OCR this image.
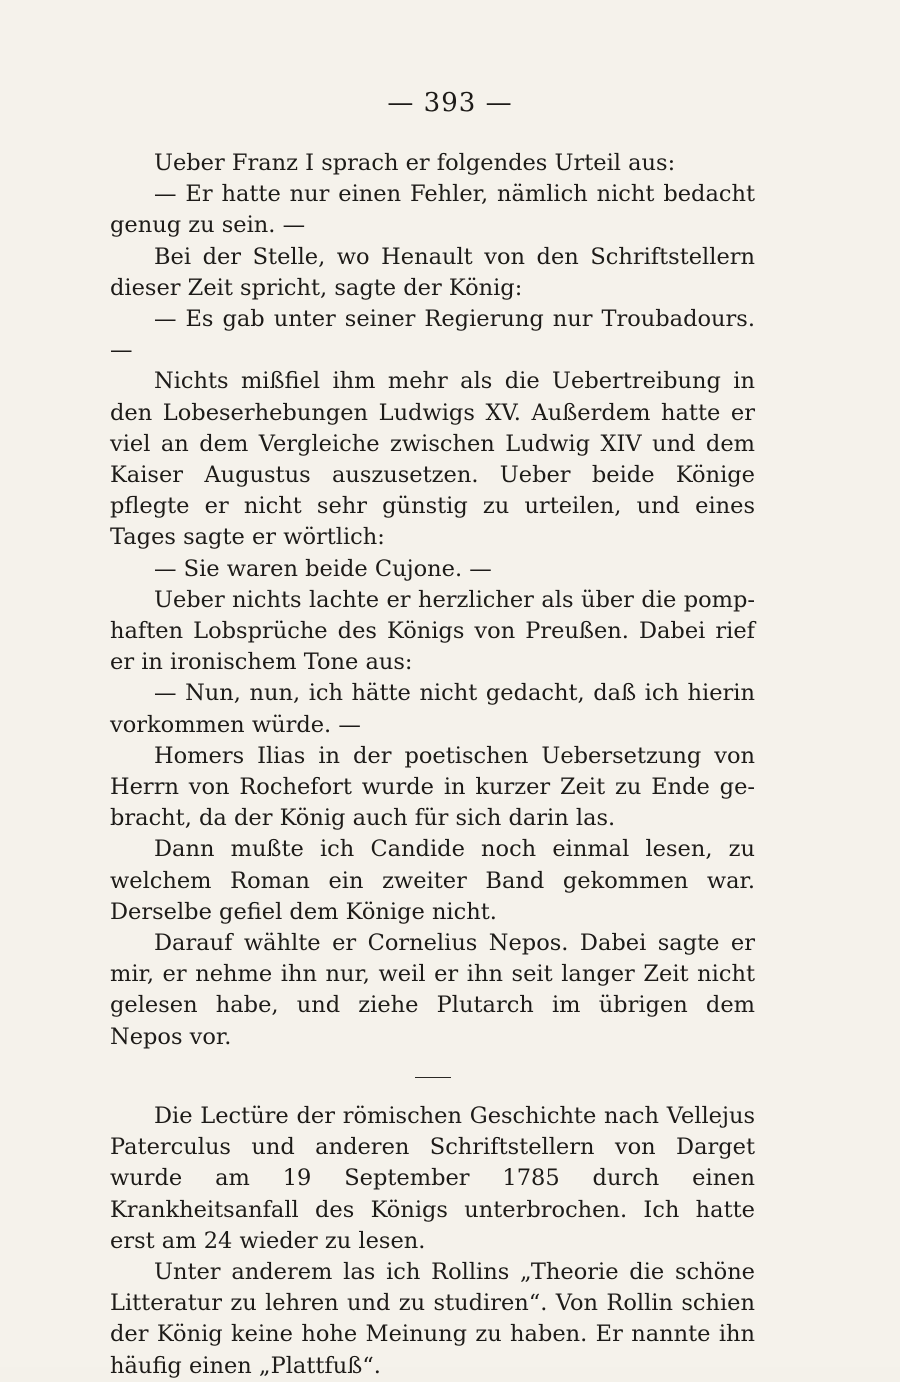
— 393 —

Ueber Franz I sprach er folgendes Urteil aus:

— Er hatte nur einen Fehler, nämlich nicht bedacht genug zu sein. —

Bei der Stelle, wo Henault von den Schriftstellern dieser Zeit spricht, sagte der König:

— Es gab unter seiner Regierung nur Troubadours. —

Nichts mißfiel ihm mehr als die Uebertreibung in den Lobeserhebungen Ludwigs XV. Außerdem hatte er viel an dem Vergleiche zwischen Ludwig XIV und dem Kaiser Augustus auszusetzen. Ueber beide Könige pflegte er nicht sehr günstig zu urteilen, und eines Tages sagte er wörtlich:

— Sie waren beide Cujone. —

Ueber nichts lachte er herzlicher als über die pomphaften Lobsprüche des Königs von Preußen. Dabei rief er in ironischem Tone aus:

— Nun, nun, ich hätte nicht gedacht, daß ich hierin vorkommen würde. —

Homers Ilias in der poetischen Uebersetzung von Herrn von Rochefort wurde in kurzer Zeit zu Ende gebracht, da der König auch für sich darin las.

Dann mußte ich Candide noch einmal lesen, zu welchem Roman ein zweiter Band gekommen war. Derselbe gefiel dem Könige nicht.

Darauf wählte er Cornelius Nepos. Dabei sagte er mir, er nehme ihn nur, weil er ihn seit langer Zeit nicht gelesen habe, und ziehe Plutarch im übrigen dem Nepos vor.

Die Lectüre der römischen Geschichte nach Vellejus Paterculus und anderen Schriftstellern von Darget wurde am 19 September 1785 durch einen Krankheitsanfall des Königs unterbrochen. Ich hatte erst am 24 wieder zu lesen.

Unter anderem las ich Rollins „Theorie die schöne Litteratur zu lehren und zu studiren“. Von Rollin schien der König keine hohe Meinung zu haben. Er nannte ihn häufig einen „Plattfuß“.
